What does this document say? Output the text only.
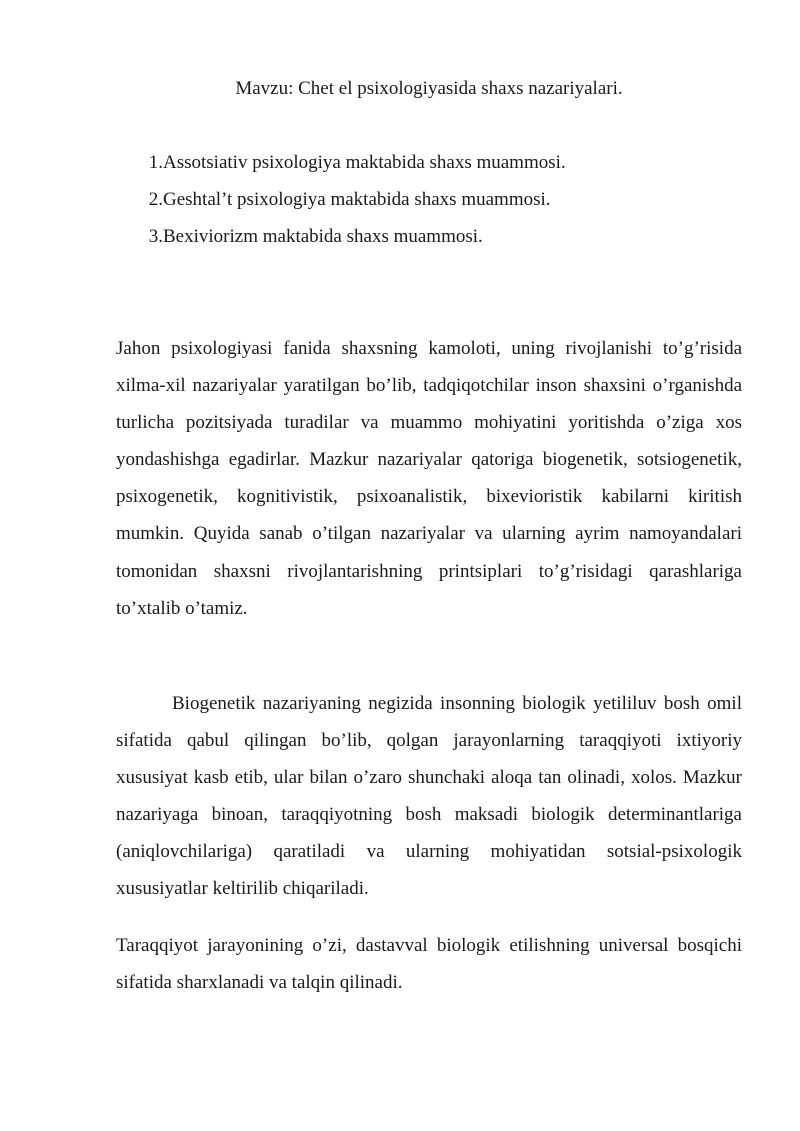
Mavzu: Chet el psixologiyasida shaxs nazariyalari.

1. Assotsiativ psixologiya maktabida shaxs muammosi.
2. Geshtal’t psixologiya maktabida shaxs muammosi.
3. Bexiviorizm maktabida shaxs muammosi.

Jahon psixologiyasi fanida shaxsning kamoloti, uning rivojlanishi to’g’risida xilma-xil nazariyalar yaratilgan bo’lib, tadqiqotchilar inson shaxsini o’rganishda turlicha pozitsiyada turadilar va muammo mohiyatini yoritishda o’ziga xos yondashishga egadirlar. Mazkur nazariyalar qatoriga biogenetik, sotsiogenetik, psixogenetik, kognitivistik, psixoanalistik, bixevioristik kabilarni kiritish mumkin. Quyida sanab o’tilgan nazariyalar va ularning ayrim namoyandalari tomonidan shaxsni rivojlantarishning printsiplari to’g’risidagi qarashlariga to’xtalib o’tamiz.

Biogenetik nazariyaning negizida insonning biologik yetililuv bosh omil sifatida qabul qilingan bo’lib, qolgan jarayonlarning taraqqiyoti ixtiyoriy xususiyat kasb etib, ular bilan o’zaro shunchaki aloqa tan olinadi, xolos. Mazkur nazariyaga binoan, taraqqiyotning bosh maksadi biologik determinantlariga (aniqlovchilariga) qaratiladi va ularning mohiyatidan sotsial-psixologik xususiyatlar keltirilib chiqariladi.

Taraqqiyot jarayonining o’zi, dastavval biologik etilishning universal bosqichi sifatida sharxlanadi va talqin qilinadi.
